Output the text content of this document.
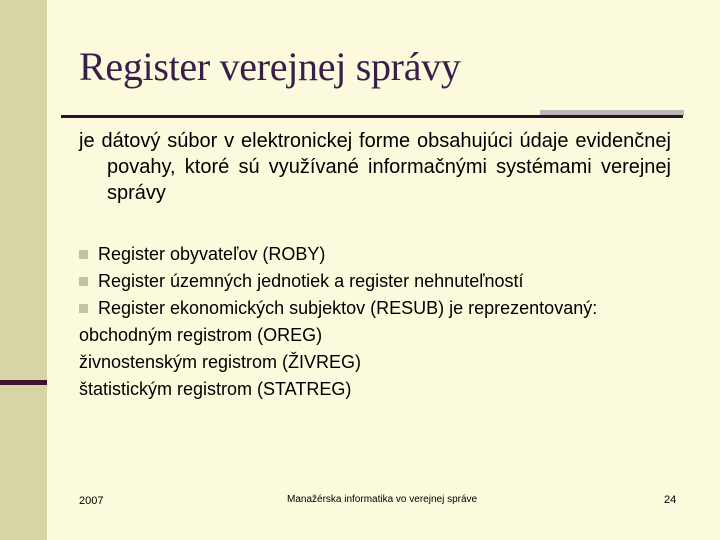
Register verejnej správy
je dátový súbor v elektronickej forme obsahujúci údaje evidenčnej povahy, ktoré sú využívané informačnými systémami verejnej správy
Register obyvateľov (ROBY)
Register územných jednotiek a register nehnuteľností
Register ekonomických subjektov (RESUB) je reprezentovaný:
obchodným registrom (OREG)
živnostenským registrom (ŽIVREG)
štatistickým registrom (STATREG)
2007	Manažérska informatika vo verejnej správe	24
